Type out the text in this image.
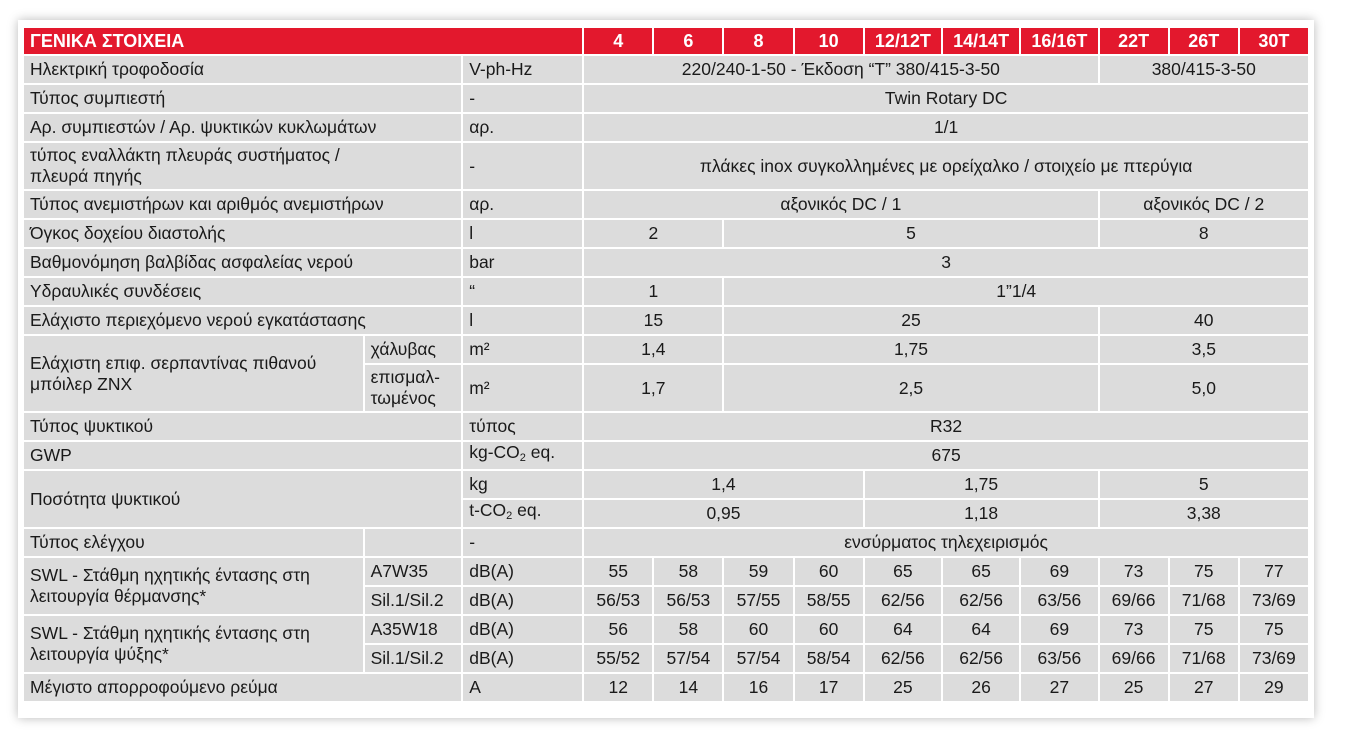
ΓΕΝΙΚΑ ΣΤΟΙΧΕΙΑ			4	6	8	10	12/12T	14/14T	16/16T	22T	26T	30T
Ηλεκτρική τροφοδοσία		V-ph-Hz	220/240-1-50 - Έκδοση “T” 380/415-3-50							380/415-3-50		
Τύπος συμπιεστή		-	Twin Rotary DC									
Αρ. συμπιεστών / Αρ. ψυκτικών κυκλωμάτων		αρ.	1/1									
τύπος εναλλάκτη πλευράς συστήματος / πλευρά πηγής		-	πλάκες inox συγκολλημένες με ορείχαλκο / στοιχείο με πτερύγια									
Τύπος ανεμιστήρων και αριθμός ανεμιστήρων		αρ.	αξονικός DC / 1							αξονικός DC / 2		
Όγκος δοχείου διαστολής		l	2		5					8		
Βαθμονόμηση βαλβίδας ασφαλείας νερού		bar	3									
Υδραυλικές συνδέσεις		“	1		1”1/4							
Ελάχιστο περιεχόμενο νερού εγκατάστασης		l	15		25					40		
Ελάχιστη επιφ. σερπαντίνας πιθανού μπόιλερ ZNX	χάλυβας	m²	1,4		1,75					3,5		
	επισμαλ-τωμένος	m²	1,7		2,5					5,0		
Τύπος ψυκτικού		τύπος	R32									
GWP		$kg-CO_2$ eq.	675									
Ποσότητα ψυκτικού		kg	1,4				1,75			5		
		$t-CO_2$ eq.	0,95				1,18			3,38		
Τύπος ελέγχου		-	ενσύρματος τηλεχειρισμός									
SWL - Στάθμη ηχητικής έντασης στη λειτουργία θέρμανσης*	A7W35	dB(A)	55	58	59	60	65	65	69	73	75	77
	Sil.1/Sil.2	dB(A)	56/53	56/53	57/55	58/55	62/56	62/56	63/56	69/66	71/68	73/69
SWL - Στάθμη ηχητικής έντασης στη λειτουργία ψύξης*	A35W18	dB(A)	56	58	60	60	64	64	69	73	75	75
	Sil.1/Sil.2	dB(A)	55/52	57/54	57/54	58/54	62/56	62/56	63/56	69/66	71/68	73/69
Μέγιστο απορροφούμενο ρεύμα		A	12	14	16	17	25	26	27	25	27	29
